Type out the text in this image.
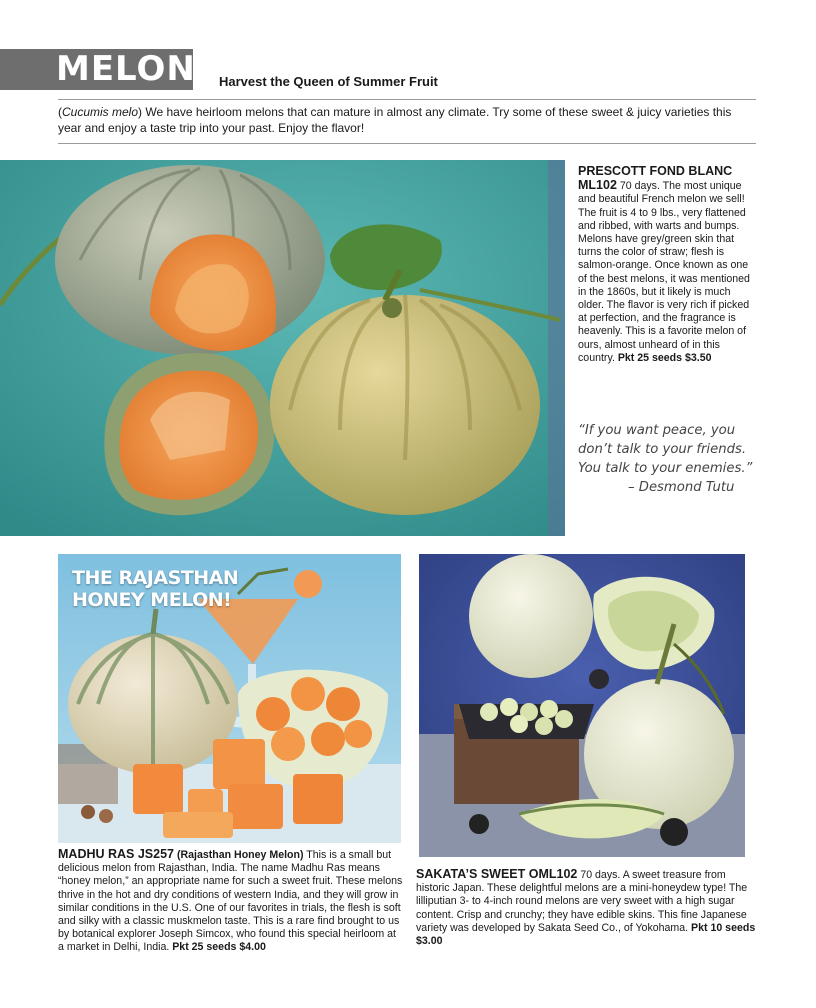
MELONS
Harvest the Queen of Summer Fruit
(Cucumis melo) We have heirloom melons that can mature in almost any climate. Try some of these sweet & juicy varieties this year and enjoy a taste trip into your past. Enjoy the flavor!
PRESCOTT FOND BLANC
ML102 70 days. The most unique and beautiful French melon we sell! The fruit is 4 to 9 lbs., very flattened and ribbed, with warts and bumps. Melons have grey/green skin that turns the color of straw; flesh is salmon-orange. Once known as one of the best melons, it was mentioned in the 1860s, but it likely is much older. The flavor is very rich if picked at perfection, and the fragrance is heavenly. This is a favorite melon of ours, almost unheard of in this country. Pkt 25 seeds $3.50
“If you want peace, you
don’t talk to your friends.
You talk to your enemies.”

– Desmond Tutu
THE RAJASTHAN
HONEY MELON!
MADHU RAS JS257 (Rajasthan Honey Melon) This is a small but delicious melon from Rajasthan, India. The name Madhu Ras means “honey melon,” an appropriate name for such a sweet fruit. These melons thrive in the hot and dry conditions of western India, and they will grow in similar conditions in the U.S. One of our favorites in trials, the flesh is soft and silky with a classic muskmelon taste. This is a rare find brought to us by botanical explorer Joseph Simcox, who found this special heirloom at a market in Delhi, India. Pkt 25 seeds $4.00
SAKATA’S SWEET OML102 70 days. A sweet treasure from historic Japan. These delightful melons are a mini-honeydew type! The lilliputian 3- to 4-inch round melons are very sweet with a high sugar content. Crisp and crunchy; they have edible skins. This fine Japanese variety was developed by Sakata Seed Co., of Yokohama. Pkt 10 seeds $3.00
